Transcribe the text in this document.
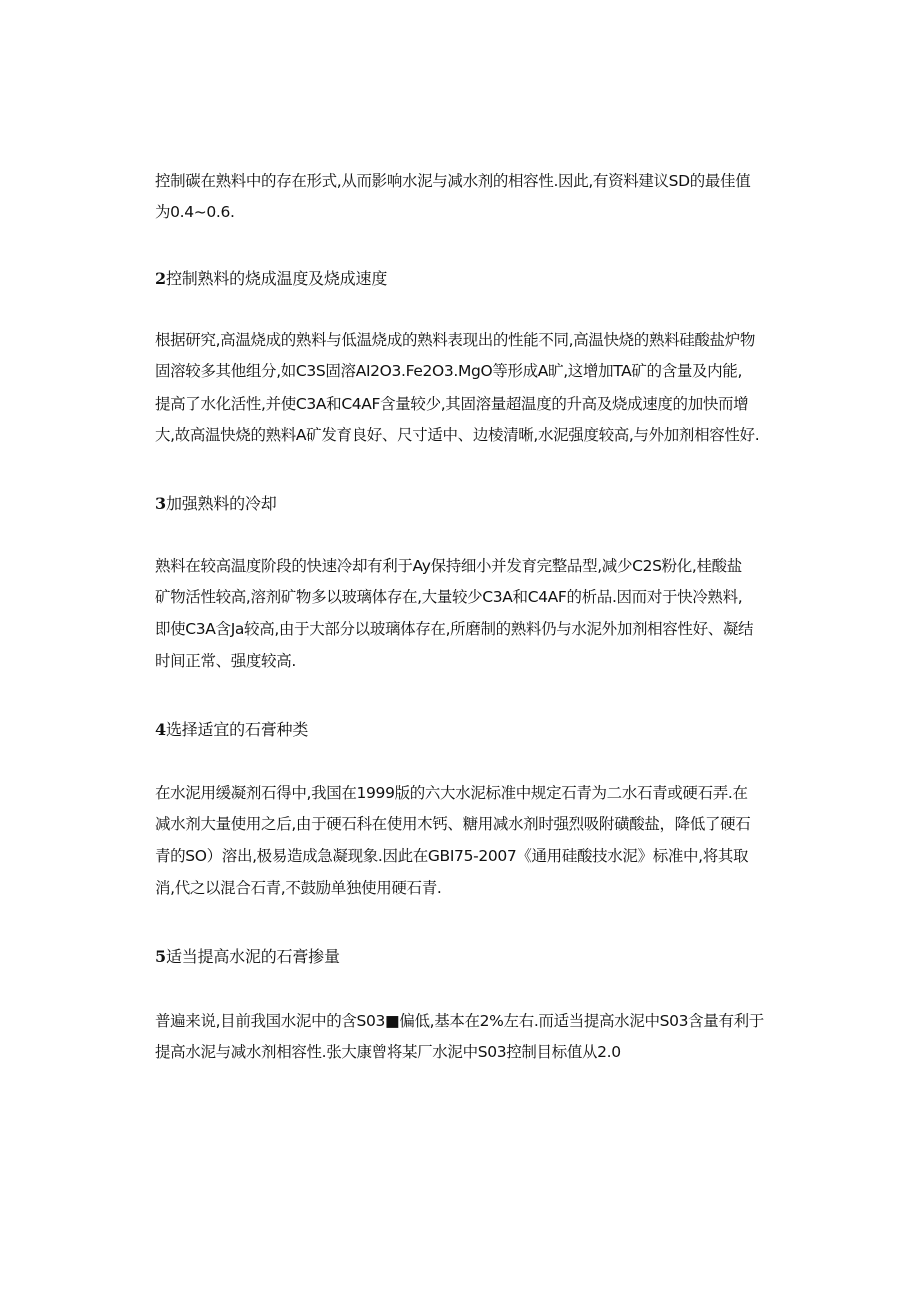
控制碳在熟料中的存在形式,从而影响水泥与减水剂的相容性.因此,有资料建议SD的最佳值
为0.4~0.6.
2控制熟料的烧成温度及烧成速度
根据研究,高温烧成的熟料与低温烧成的熟料表现出的性能不同,高温快烧的熟料硅酸盐炉物
固溶较多其他组分,如C3S固溶AI2O3.Fe2O3.MgO等形成A旷,这增加TA矿的含量及内能,
提高了水化活性,并使C3A和C4AF含量较少,其固溶量超温度的升高及烧成速度的加快而增
大,故高温快烧的熟料A矿发育良好、尺寸适中、边棱清晰,水泥强度较高,与外加剂相容性好.
3加强熟料的冷却
熟料在较高温度阶段的快速冷却有利于Ay保持细小并发育完整品型,减少C2S粉化,桂酸盐
矿物活性较高,溶剂矿物多以玻璃体存在,大量较少C3A和C4AF的析品.因而对于快冷熟料,
即使C3A含Ja较高,由于大部分以玻璃体存在,所磨制的熟料仍与水泥外加剂相容性好、凝结
时间正常、强度较高.
4选择适宜的石膏种类
在水泥用缓凝剂石得中,我国在1999版的六大水泥标准中规定石青为二水石青或硬石弄.在
减水剂大量使用之后,由于硬石科在使用木钙、糖用减水剂时强烈吸附磺酸盐，降低了硬石
青的SO）溶出,极易造成急凝现象.因此在GBI75-2007《通用硅酸技水泥》标准中,将其取
消,代之以混合石青,不鼓励单独使用硬石青.
5适当提高水泥的石膏掺量
普遍来说,目前我国水泥中的含S03■偏低,基本在2%左右.而适当提高水泥中S03含量有利于
提高水泥与减水剂相容性.张大康曾将某厂水泥中S03控制目标值从2.0
